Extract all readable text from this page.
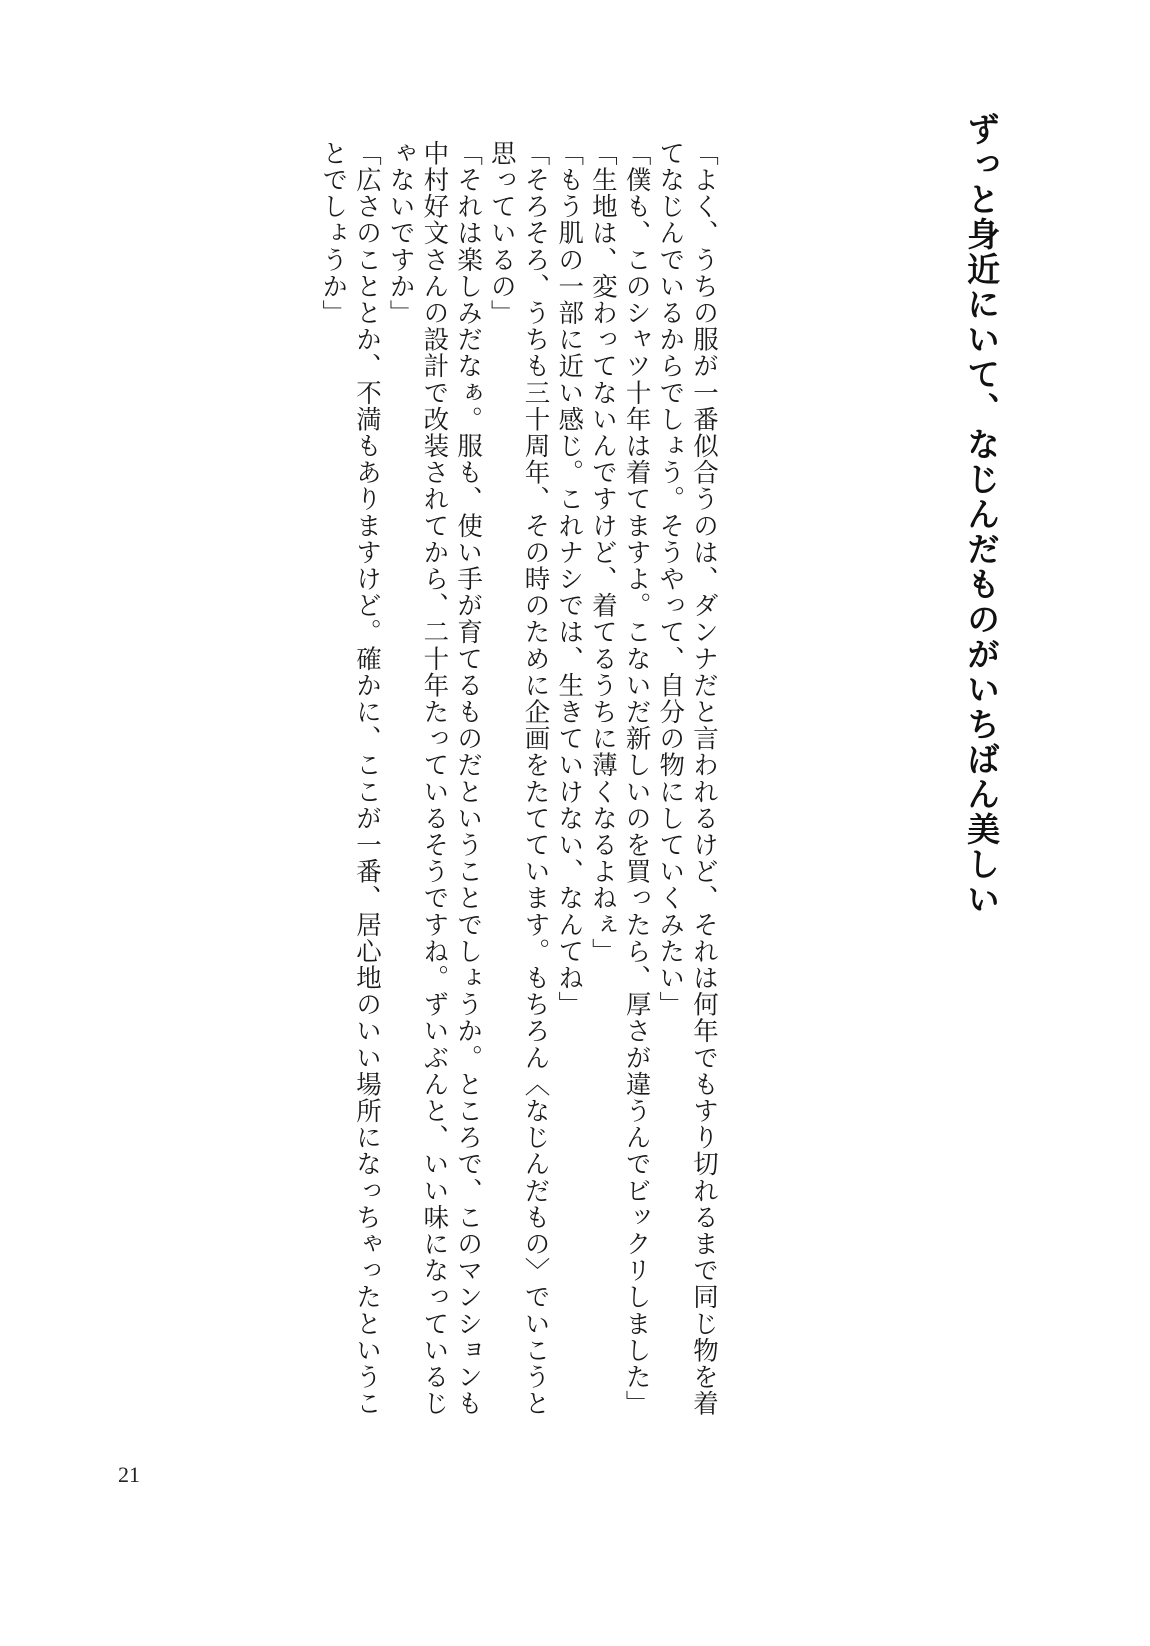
ずっと身近にいて、なじんだものがいちばん美しい
「よく、うちの服が一番似合うのは、ダンナだと言われるけど、それは何年でもすり切れるまで同じ物を着
てなじんでいるからでしょう。そうやって、自分の物にしていくみたい」
「僕も、このシャツ十年は着てますよ。こないだ新しいのを買ったら、厚さが違うんでビックリしました」
「生地は、変わってないんですけど、着てるうちに薄くなるよねぇ」
「もう肌の一部に近い感じ。これナシでは、生きていけない、なんてね」
「そろそろ、うちも三十周年、その時のために企画をたてています。もちろん〈なじんだもの〉でいこうと
思っているの」
「それは楽しみだなぁ。服も、使い手が育てるものだということでしょうか。ところで、このマンションも
中村好文さんの設計で改装されてから、二十年たっているそうですね。ずいぶんと、いい味になっているじ
ゃないですか」
「広さのこととか、不満もありますけど。確かに、ここが一番、居心地のいい場所になっちゃったというこ
とでしょうか」
21
